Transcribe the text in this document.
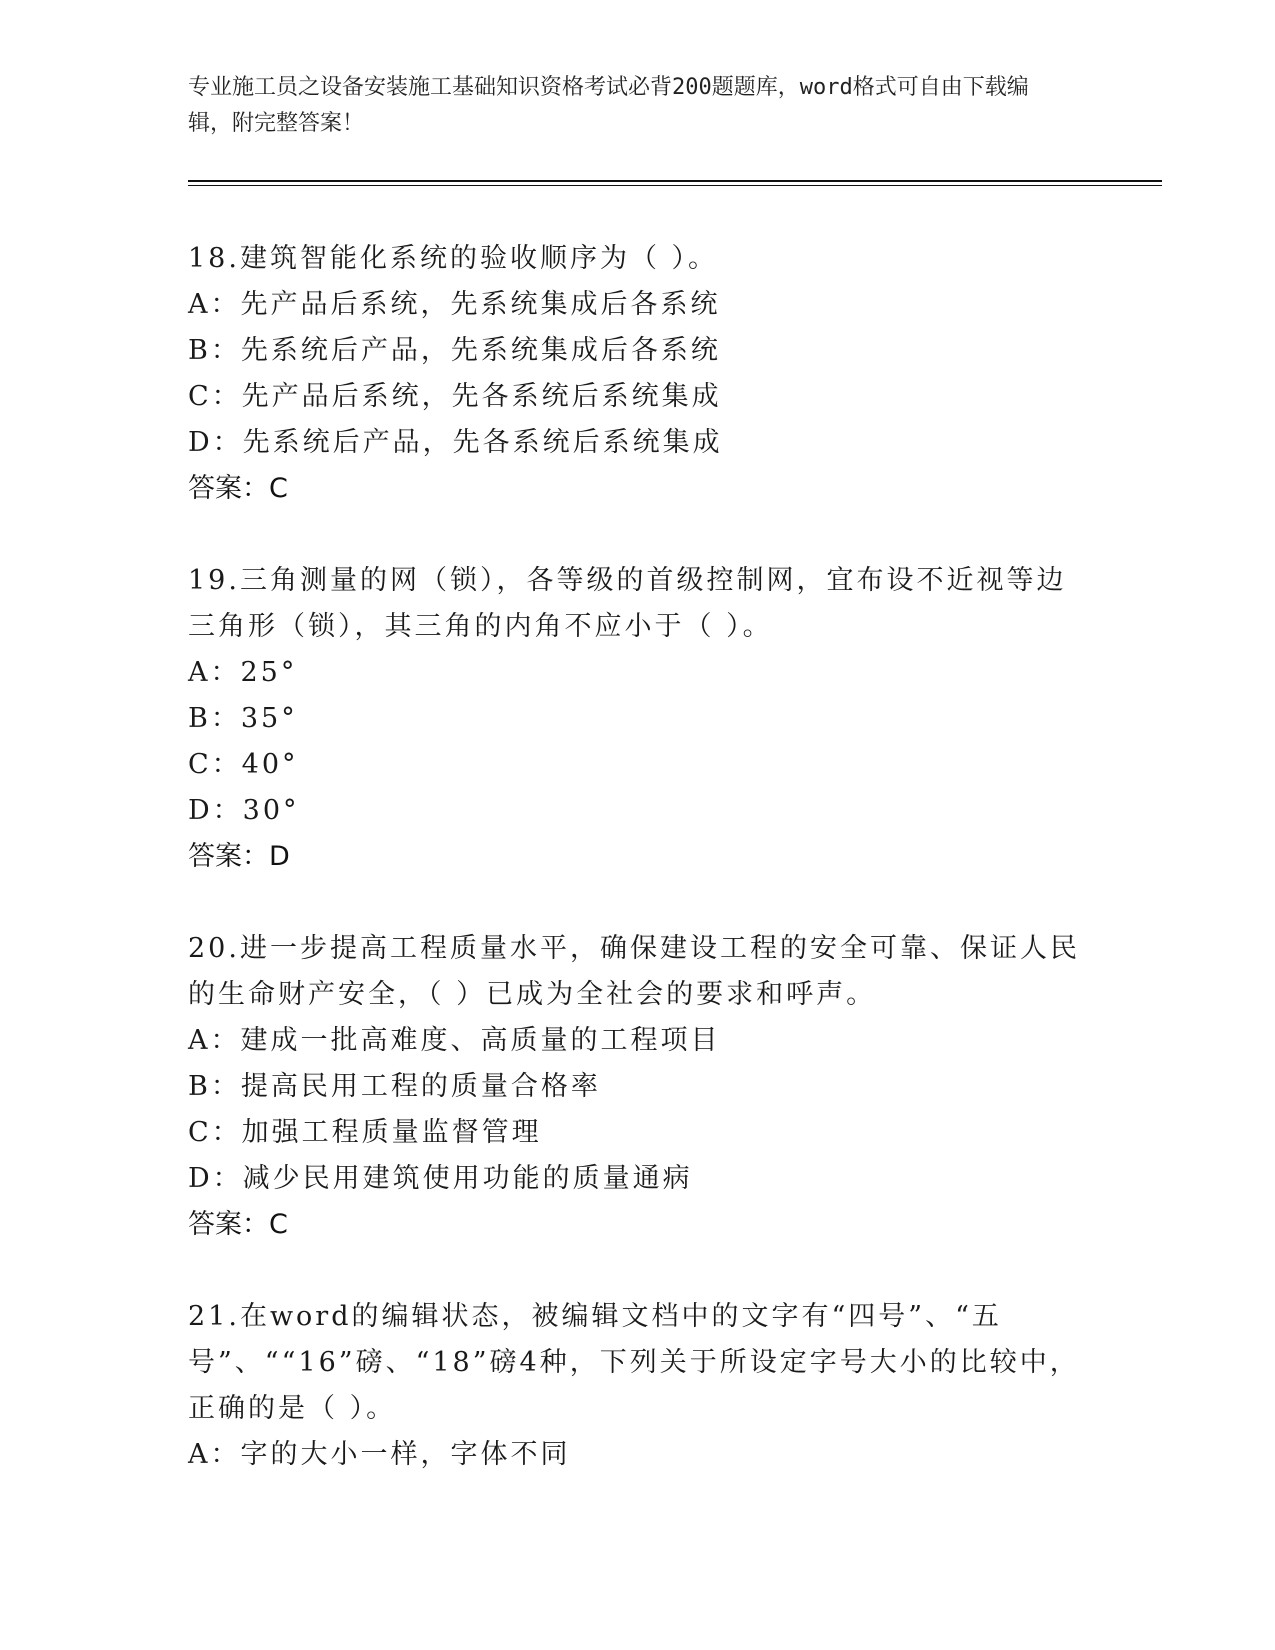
专业施工员之设备安装施工基础知识资格考试必背200题题库，word格式可自由下载编辑，附完整答案！
18.建筑智能化系统的验收顺序为（ ）。
A：先产品后系统，先系统集成后各系统
B：先系统后产品，先系统集成后各系统
C：先产品后系统，先各系统后系统集成
D：先系统后产品，先各系统后系统集成
答案：C
19.三角测量的网（锁），各等级的首级控制网，宜布设不近视等边三角形（锁），其三角的内角不应小于（ ）。
A：25°
B：35°
C：40°
D：30°
答案：D
20.进一步提高工程质量水平，确保建设工程的安全可靠、保证人民的生命财产安全，（ ）已成为全社会的要求和呼声。
A：建成一批高难度、高质量的工程项目
B：提高民用工程的质量合格率
C：加强工程质量监督管理
D：减少民用建筑使用功能的质量通病
答案：C
21.在word的编辑状态，被编辑文档中的文字有“四号”、“五号”、““16”磅、“18”磅4种，下列关于所设定字号大小的比较中，正确的是（ ）。
A：字的大小一样，字体不同
